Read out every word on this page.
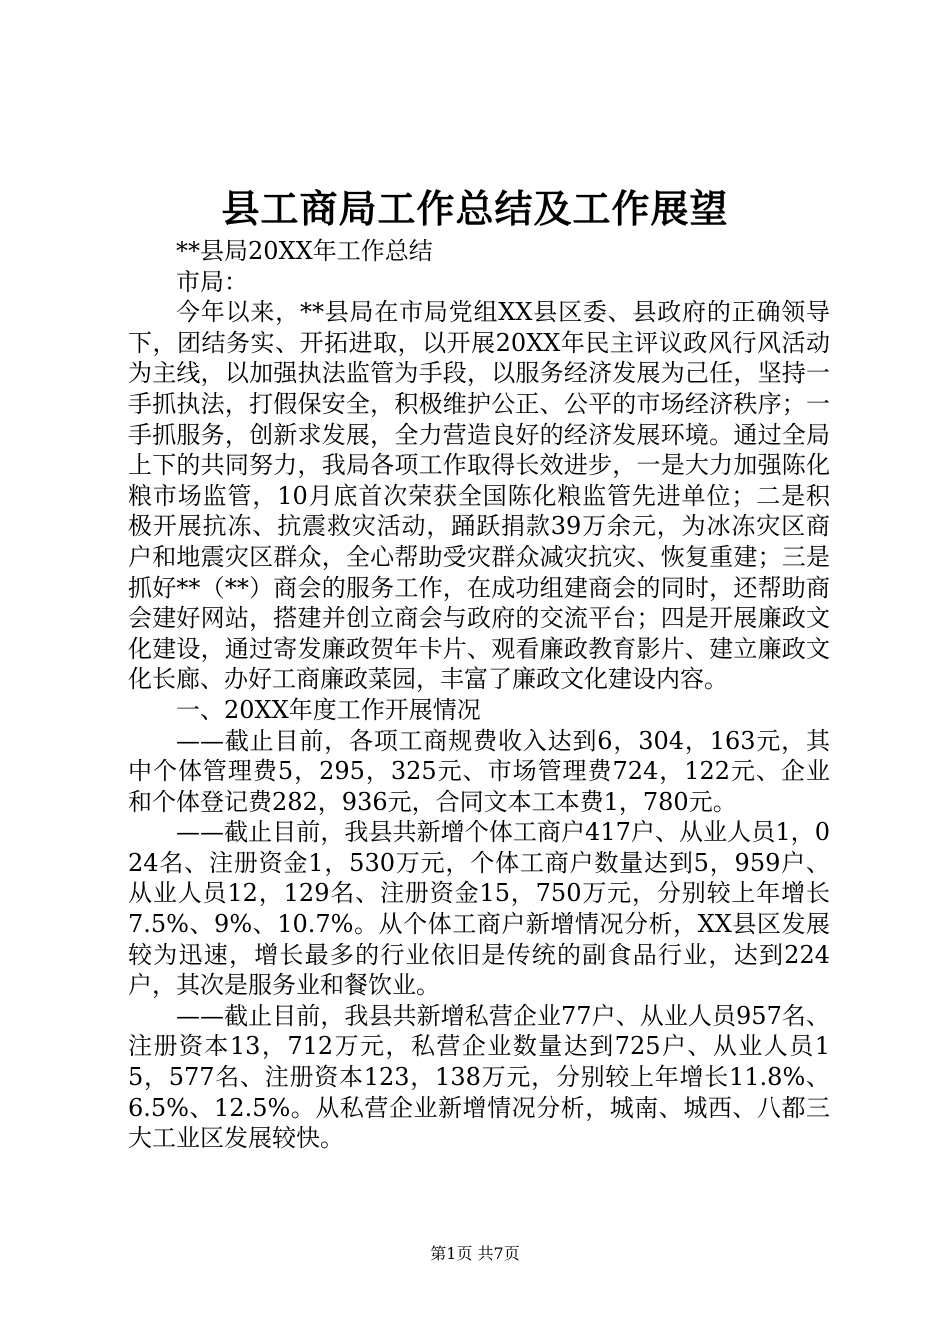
县工商局工作总结及工作展望

**县局20XX年工作总结

市局：

今年以来，**县局在市局党组XX县区委、县政府的正确领导下，团结务实、开拓进取，以开展20XX年民主评议政风行风活动为主线，以加强执法监管为手段，以服务经济发展为己任，坚持一手抓执法，打假保安全，积极维护公正、公平的市场经济秩序；一手抓服务，创新求发展，全力营造良好的经济发展环境。通过全局上下的共同努力，我局各项工作取得长效进步，一是大力加强陈化粮市场监管，10月底首次荣获全国陈化粮监管先进单位；二是积极开展抗冻、抗震救灾活动，踊跃捐款39万余元，为冰冻灾区商户和地震灾区群众，全心帮助受灾群众减灾抗灾、恢复重建；三是抓好**（**）商会的服务工作，在成功组建商会的同时，还帮助商会建好网站，搭建并创立商会与政府的交流平台；四是开展廉政文化建设，通过寄发廉政贺年卡片、观看廉政教育影片、建立廉政文化长廊、办好工商廉政菜园，丰富了廉政文化建设内容。

一、20XX年度工作开展情况

——截止目前，各项工商规费收入达到6，304，163元，其中个体管理费5，295，325元、市场管理费724，122元、企业和个体登记费282，936元，合同文本工本费1，780元。

——截止目前，我县共新增个体工商户417户、从业人员1，024名、注册资金1，530万元，个体工商户数量达到5，959户、从业人员12，129名、注册资金15，750万元，分别较上年增长7.5%、9%、10.7%。从个体工商户新增情况分析，XX县区发展较为迅速，增长最多的行业依旧是传统的副食品行业，达到224户，其次是服务业和餐饮业。

——截止目前，我县共新增私营企业77户、从业人员957名、注册资本13，712万元，私营企业数量达到725户、从业人员15，577名、注册资本123，138万元，分别较上年增长11.8%、6.5%、12.5%。从私营企业新增情况分析，城南、城西、八都三大工业区发展较快。

第1页 共7页
